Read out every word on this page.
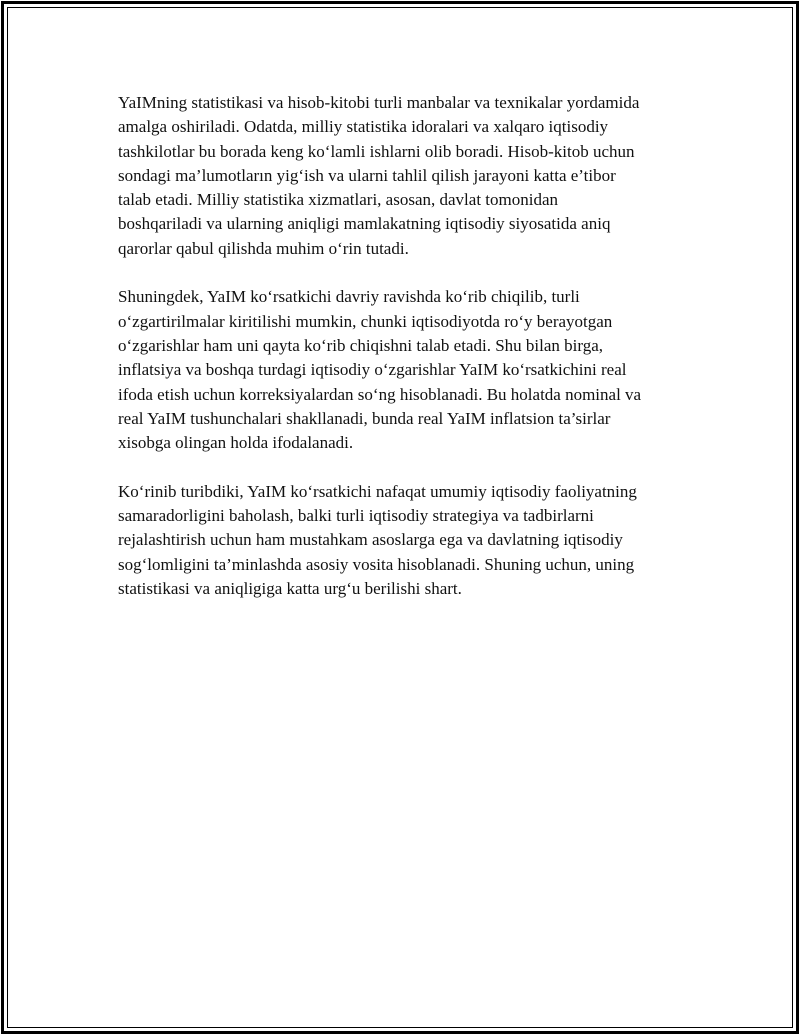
YaIMning statistikasi va hisob-kitobi turli manbalar va texnikalar yordamida
amalga oshiriladi. Odatda, milliy statistika idoralari va xalqaro iqtisodiy
tashkilotlar bu borada keng ko‘lamli ishlarni olib boradi. Hisob-kitob uchun
sondagi ma’lumotların yig‘ish va ularni tahlil qilish jarayoni katta e’tibor
talab etadi. Milliy statistika xizmatlari, asosan, davlat tomonidan
boshqariladi va ularning aniqligi mamlakatning iqtisodiy siyosatida aniq
qarorlar qabul qilishda muhim o‘rin tutadi.

Shuningdek, YaIM ko‘rsatkichi davriy ravishda ko‘rib chiqilib, turli
o‘zgartirilmalar kiritilishi mumkin, chunki iqtisodiyotda ro‘y berayotgan
o‘zgarishlar ham uni qayta ko‘rib chiqishni talab etadi. Shu bilan birga,
inflatsiya va boshqa turdagi iqtisodiy o‘zgarishlar YaIM ko‘rsatkichini real
ifoda etish uchun korreksiyalardan so‘ng hisoblanadi. Bu holatda nominal va
real YaIM tushunchalari shakllanadi, bunda real YaIM inflatsion ta’sirlar
xisobga olingan holda ifodalanadi.

Ko‘rinib turibdiki, YaIM ko‘rsatkichi nafaqat umumiy iqtisodiy faoliyatning
samaradorligini baholash, balki turli iqtisodiy strategiya va tadbirlarni
rejalashtirish uchun ham mustahkam asoslarga ega va davlatning iqtisodiy
sog‘lomligini ta’minlashda asosiy vosita hisoblanadi. Shuning uchun, uning
statistikasi va aniqligiga katta urg‘u berilishi shart.
